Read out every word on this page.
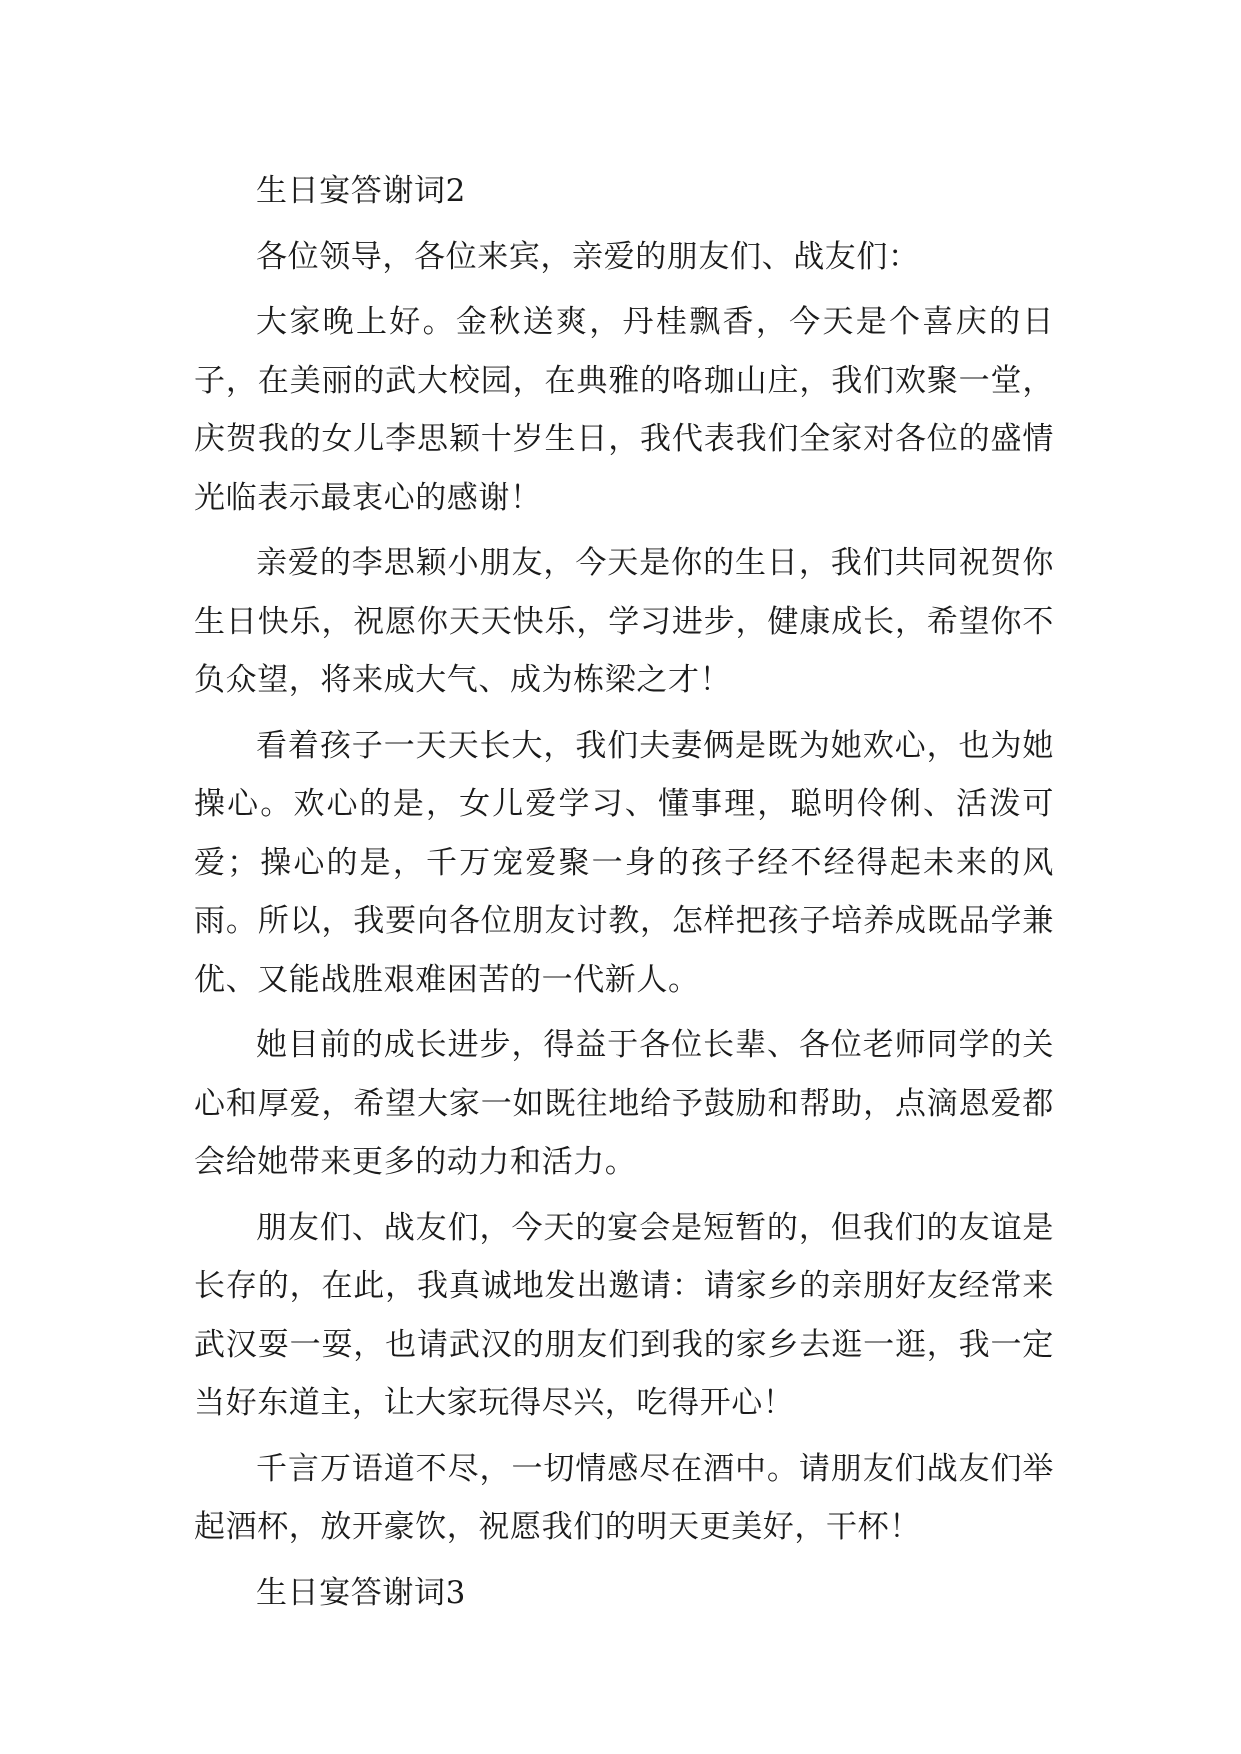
生日宴答谢词2

各位领导，各位来宾，亲爱的朋友们、战友们：

大家晚上好。金秋送爽，丹桂飘香，今天是个喜庆的日子，在美丽的武大校园，在典雅的咯珈山庄，我们欢聚一堂，庆贺我的女儿李思颖十岁生日，我代表我们全家对各位的盛情光临表示最衷心的感谢！

亲爱的李思颖小朋友，今天是你的生日，我们共同祝贺你生日快乐，祝愿你天天快乐，学习进步，健康成长，希望你不负众望，将来成大气、成为栋梁之才！

看着孩子一天天长大，我们夫妻俩是既为她欢心，也为她操心。欢心的是，女儿爱学习、懂事理，聪明伶俐、活泼可爱；操心的是，千万宠爱聚一身的孩子经不经得起未来的风雨。所以，我要向各位朋友讨教，怎样把孩子培养成既品学兼优、又能战胜艰难困苦的一代新人。

她目前的成长进步，得益于各位长辈、各位老师同学的关心和厚爱，希望大家一如既往地给予鼓励和帮助，点滴恩爱都会给她带来更多的动力和活力。

朋友们、战友们，今天的宴会是短暂的，但我们的友谊是长存的，在此，我真诚地发出邀请：请家乡的亲朋好友经常来武汉耍一耍，也请武汉的朋友们到我的家乡去逛一逛，我一定当好东道主，让大家玩得尽兴，吃得开心！

千言万语道不尽，一切情感尽在酒中。请朋友们战友们举起酒杯，放开豪饮，祝愿我们的明天更美好，干杯！

生日宴答谢词3
